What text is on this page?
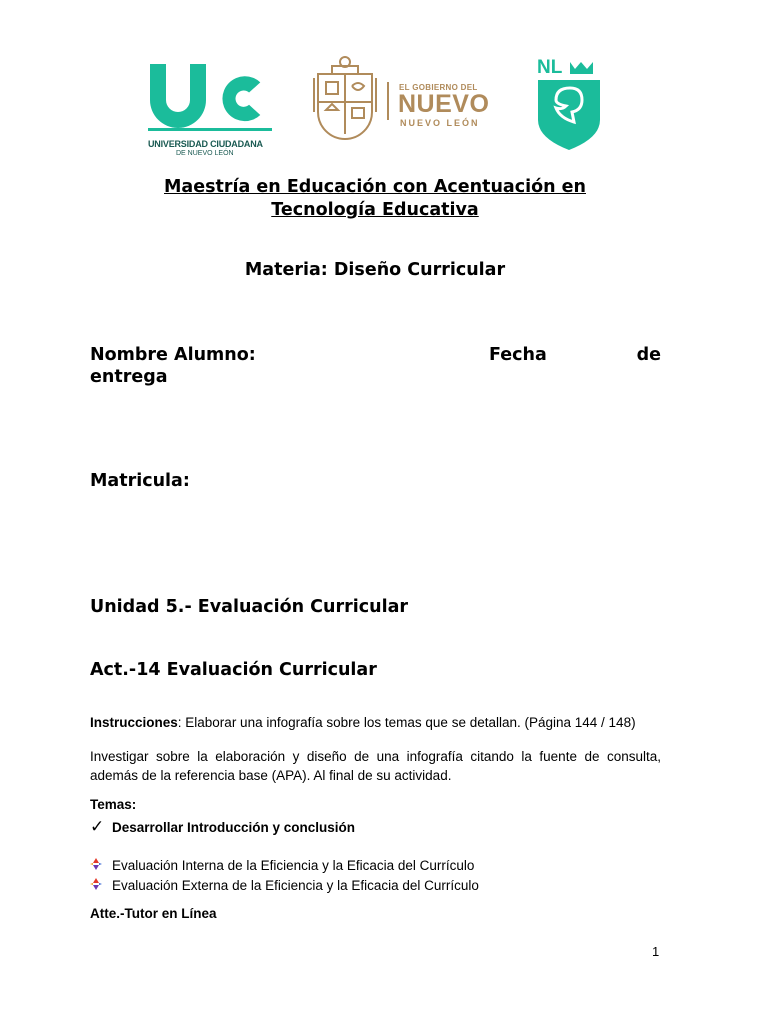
UNIVERSIDAD CIUDADANA
DE NUEVO LEÓN
EL GOBIERNO DEL
NUEVO
NUEVO LEÓN
NL
Maestría en Educación con Acentuación en
Tecnología Educativa
Materia: Diseño Curricular
Nombre Alumno:	Fecha	de
entrega
Matricula:
Unidad 5.- Evaluación Curricular
Act.-14 Evaluación Curricular
Instrucciones: Elaborar una infografía sobre los temas que se detallan. (Página 144 / 148)
Investigar sobre la elaboración y diseño de una infografía citando la fuente de consulta, además de la referencia base (APA). Al final de su actividad.
Temas:
✓ Desarrollar Introducción y conclusión
Evaluación Interna de la Eficiencia y la Eficacia del Currículo
Evaluación Externa de la Eficiencia y la Eficacia del Currículo
Atte.-Tutor en Línea
1
